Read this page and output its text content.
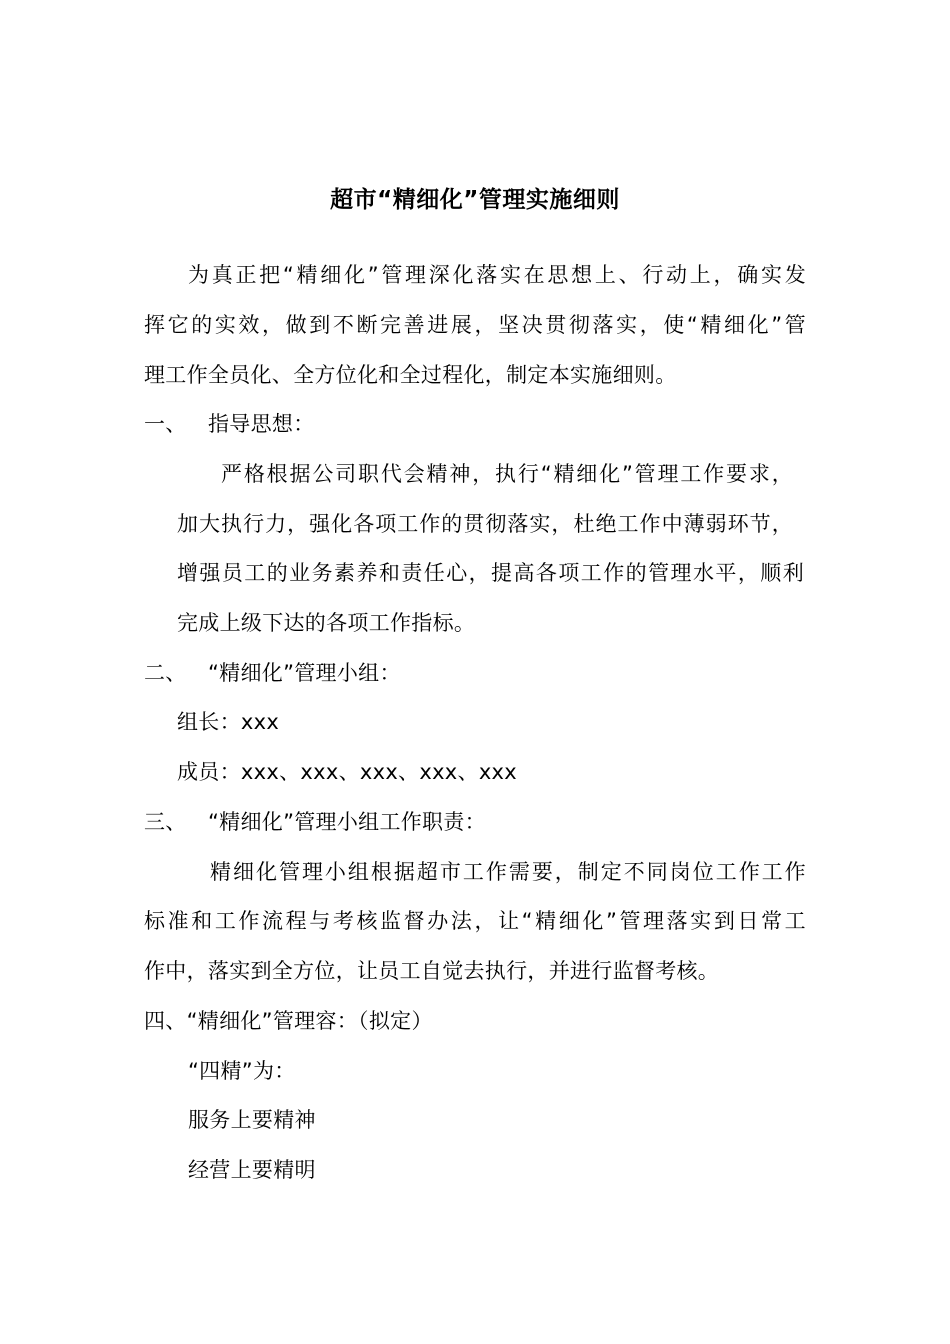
超市“精细化”管理实施细则
为真正把“精细化”管理深化落实在思想上、行动上，确实发
挥它的实效，做到不断完善进展，坚决贯彻落实，使“精细化”管
理工作全员化、全方位化和全过程化，制定本实施细则。
一、 指导思想：
严格根据公司职代会精神，执行“精细化”管理工作要求，
加大执行力，强化各项工作的贯彻落实，杜绝工作中薄弱环节，
增强员工的业务素养和责任心，提高各项工作的管理水平，顺利
完成上级下达的各项工作指标。
二、 “精细化”管理小组：
组长：xxx
成员：xxx、xxx、xxx、xxx、xxx
三、 “精细化”管理小组工作职责：
精细化管理小组根据超市工作需要，制定不同岗位工作工作
标准和工作流程与考核监督办法，让“精细化”管理落实到日常工
作中，落实到全方位，让员工自觉去执行，并进行监督考核。
四、“精细化”管理容：（拟定）
“四精”为：
服务上要精神
经营上要精明
